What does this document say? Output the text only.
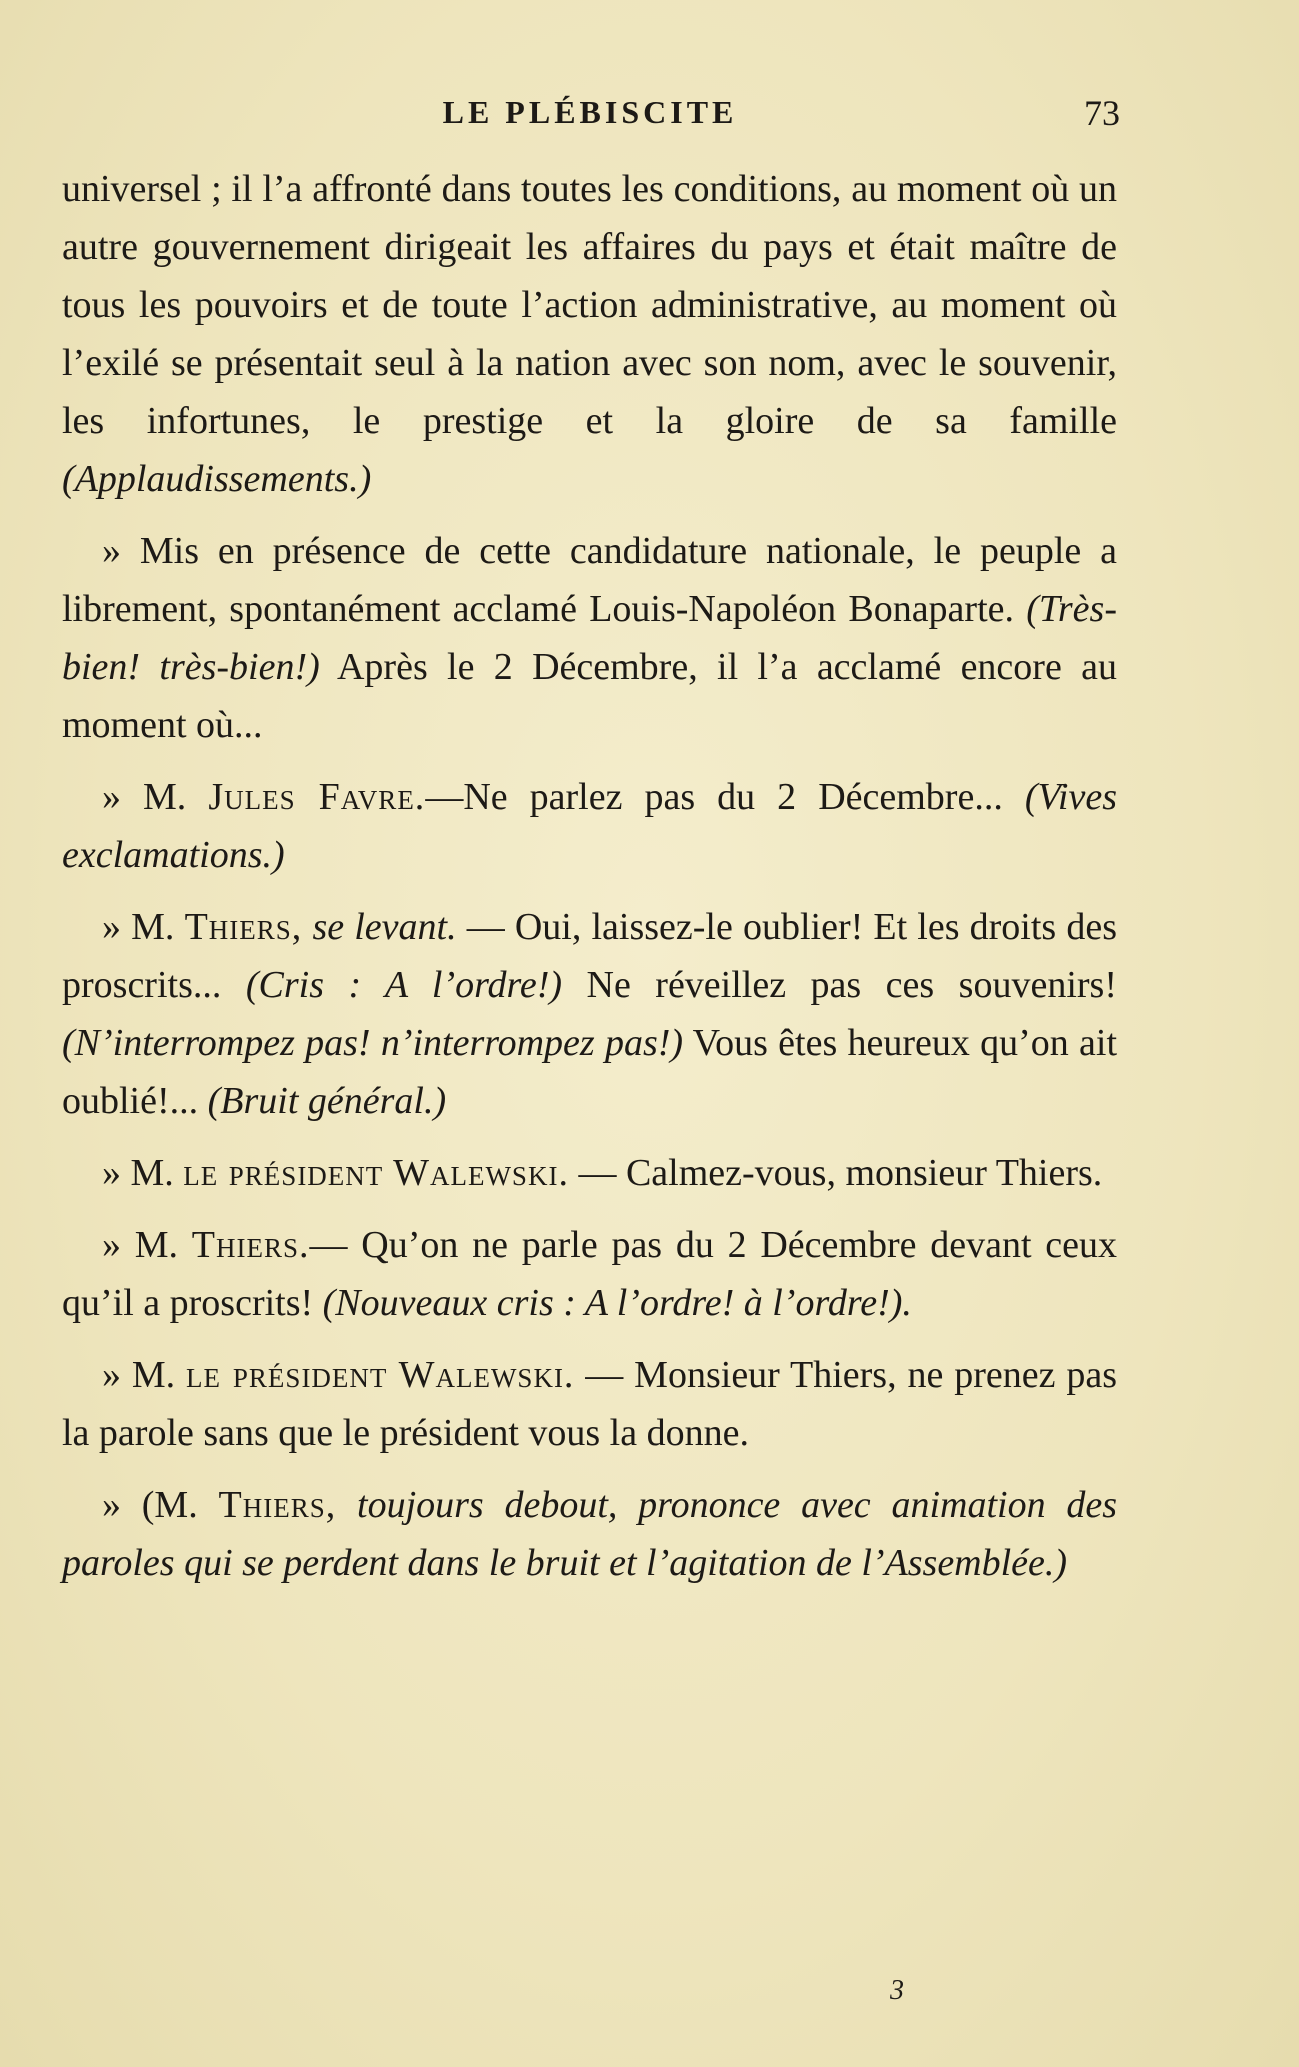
LE PLÉBISCITE	73

universel ; il l’a affronté dans toutes les conditions, au moment où un autre gouvernement dirigeait les affaires du pays et était maître de tous les pouvoirs et de toute l’action administrative, au moment où l’exilé se présentait seul à la nation avec son nom, avec le souvenir, les infortunes, le prestige et la gloire de sa famille (Applaudissements.)

» Mis en présence de cette candidature nationale, le peuple a librement, spontanément acclamé Louis-Napoléon Bonaparte. (Très-bien! très-bien!) Après le 2 Décembre, il l’a acclamé encore au moment où...

» M. Jules Favre.—Ne parlez pas du 2 Décembre... (Vives exclamations.)

» M. Thiers, se levant. — Oui, laissez-le oublier! Et les droits des proscrits... (Cris : A l’ordre!) Ne réveillez pas ces souvenirs! (N’interrompez pas! n’interrompez pas!) Vous êtes heureux qu’on ait oublié!... (Bruit général.)

» M. le président Walewski. — Calmez-vous, monsieur Thiers.

» M. Thiers.— Qu’on ne parle pas du 2 Décembre devant ceux qu’il a proscrits! (Nouveaux cris : A l’ordre! à l’ordre!).

» M. le président Walewski. — Monsieur Thiers, ne prenez pas la parole sans que le président vous la donne.

» (M. Thiers, toujours debout, prononce avec animation des paroles qui se perdent dans le bruit et l’agitation de l’Assemblée.)

3
